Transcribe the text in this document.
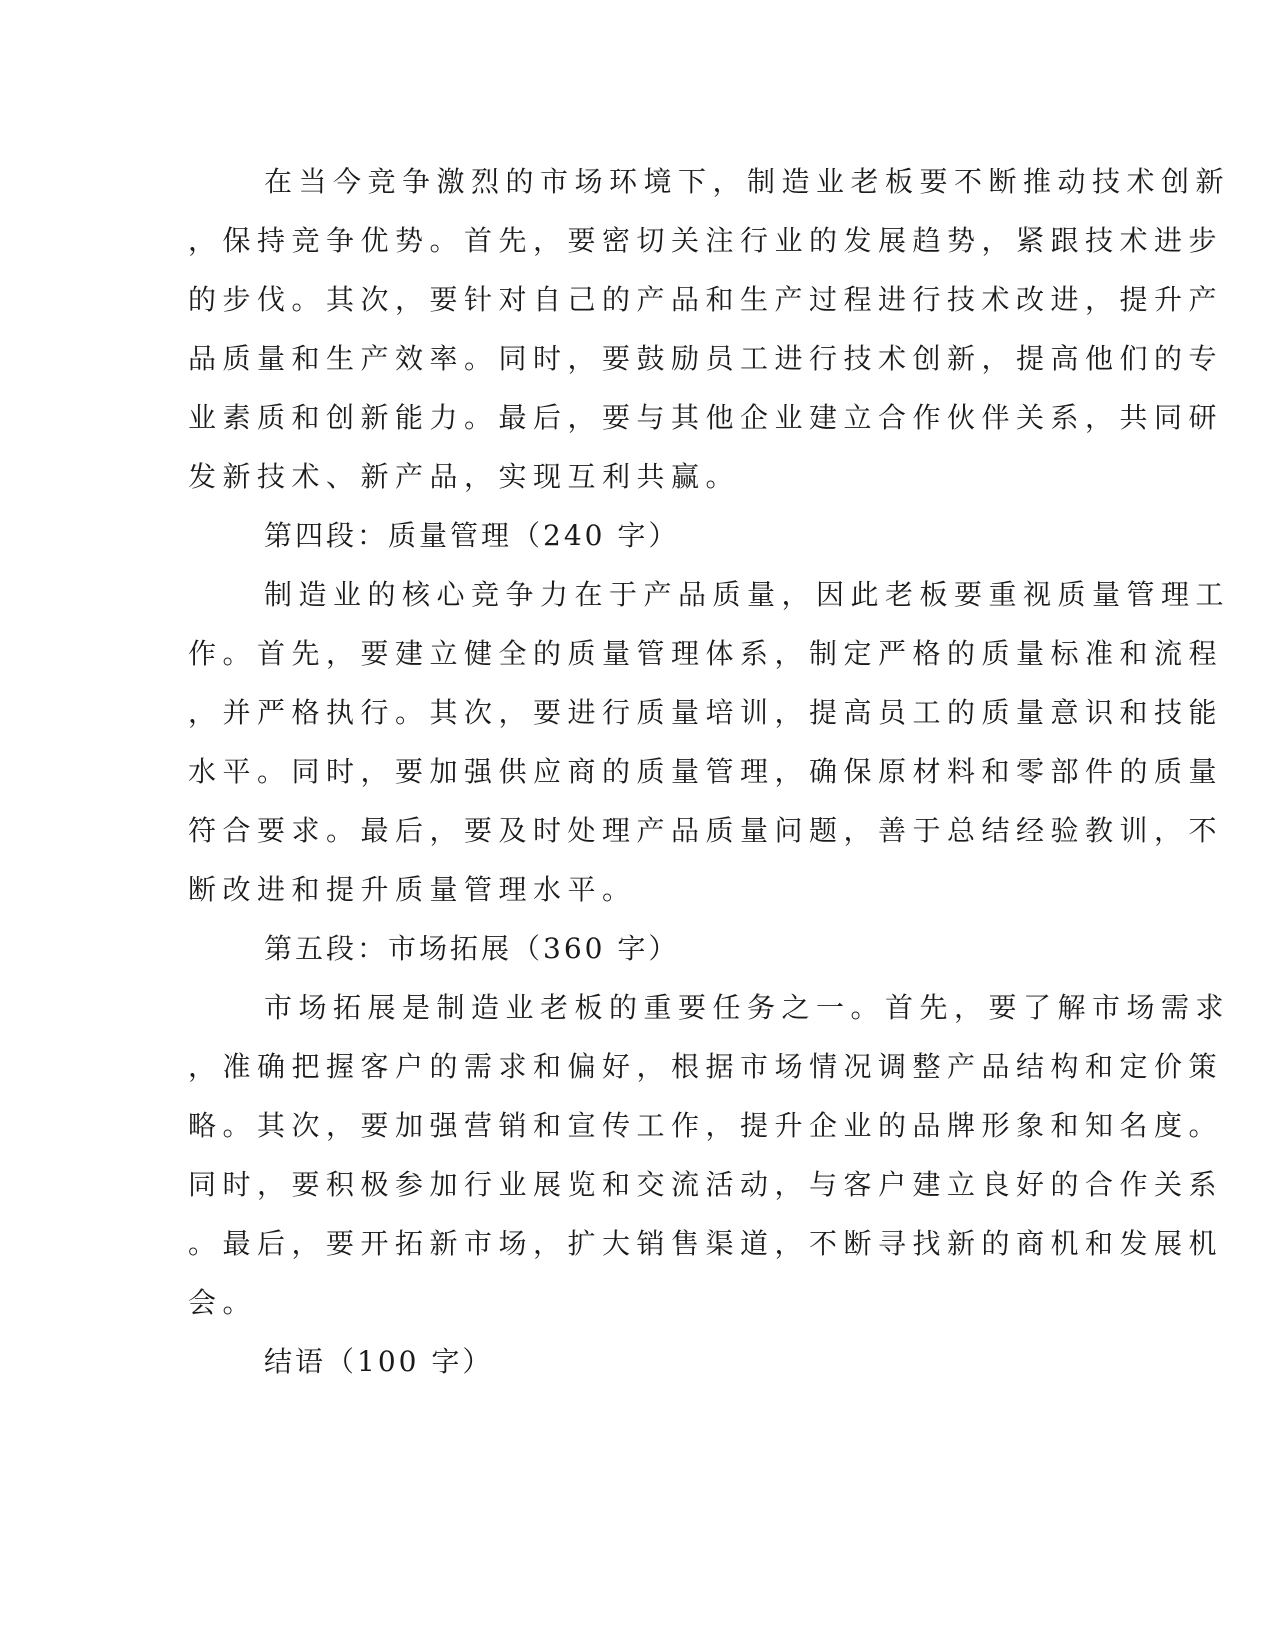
在当今竞争激烈的市场环境下，制造业老板要不断推动技术创新
，保持竞争优势。首先，要密切关注行业的发展趋势，紧跟技术进步
的步伐。其次，要针对自己的产品和生产过程进行技术改进，提升产
品质量和生产效率。同时，要鼓励员工进行技术创新，提高他们的专
业素质和创新能力。最后，要与其他企业建立合作伙伴关系，共同研
发新技术、新产品，实现互利共赢。
第四段：质量管理（240 字）
制造业的核心竞争力在于产品质量，因此老板要重视质量管理工
作。首先，要建立健全的质量管理体系，制定严格的质量标准和流程
，并严格执行。其次，要进行质量培训，提高员工的质量意识和技能
水平。同时，要加强供应商的质量管理，确保原材料和零部件的质量
符合要求。最后，要及时处理产品质量问题，善于总结经验教训，不
断改进和提升质量管理水平。
第五段：市场拓展（360 字）
市场拓展是制造业老板的重要任务之一。首先，要了解市场需求
，准确把握客户的需求和偏好，根据市场情况调整产品结构和定价策
略。其次，要加强营销和宣传工作，提升企业的品牌形象和知名度。
同时，要积极参加行业展览和交流活动，与客户建立良好的合作关系
。最后，要开拓新市场，扩大销售渠道，不断寻找新的商机和发展机
会。
结语（100 字）
